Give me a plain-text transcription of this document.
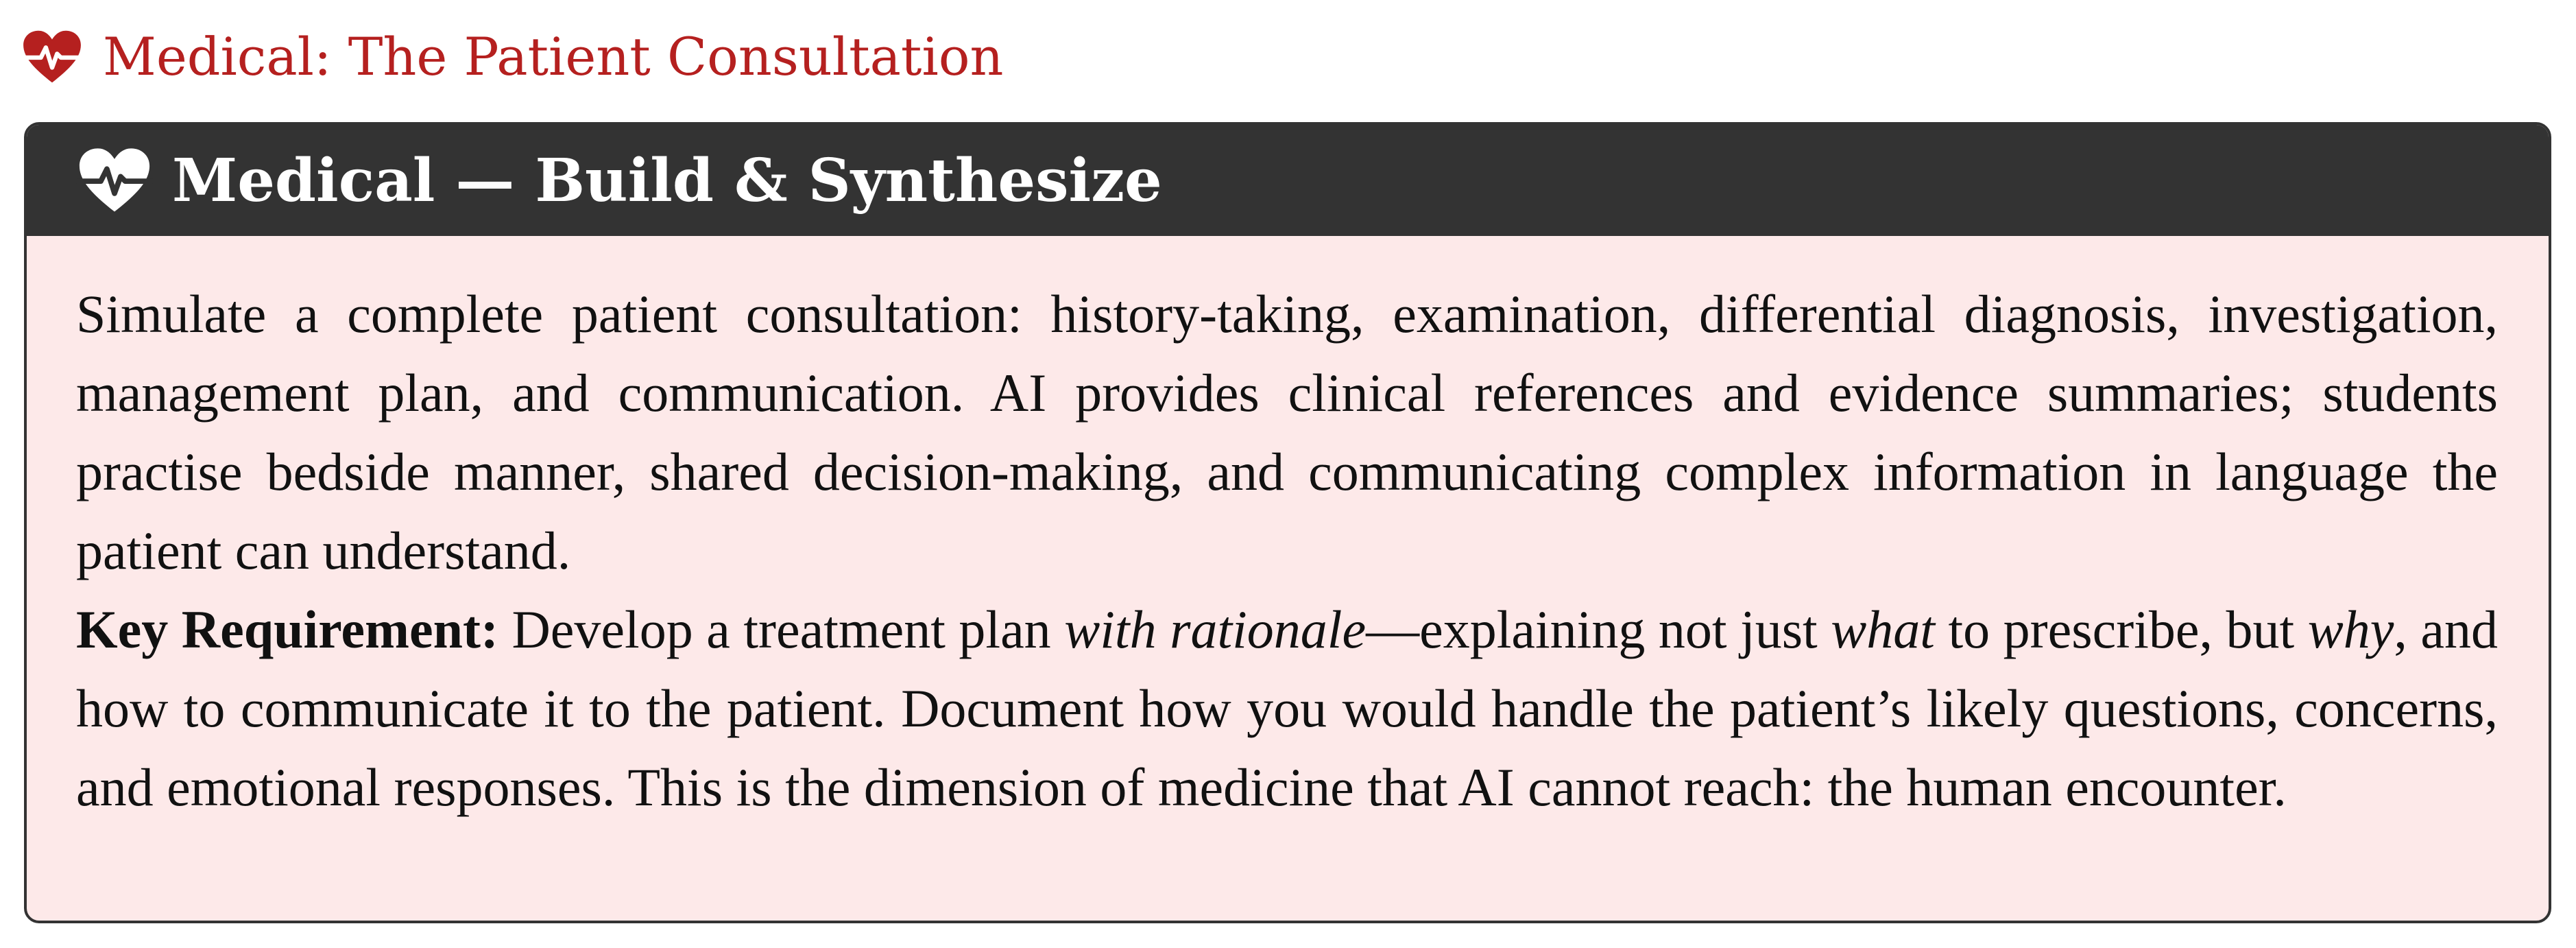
Medical: The Patient Consultation
Medical — Build & Synthesize

Simulate a complete patient consultation: history-taking, examination, differential diagnosis, investigation, management plan, and communication. AI provides clinical references and evidence summaries; students practise bedside manner, shared decision-making, and communicating complex information in language the patient can understand.

Key Requirement: Develop a treatment plan with rationale—explaining not just what to prescribe, but why, and how to communicate it to the patient. Document how you would handle the patient’s likely questions, concerns, and emotional responses. This is the dimension of medicine that AI cannot reach: the human encounter.
